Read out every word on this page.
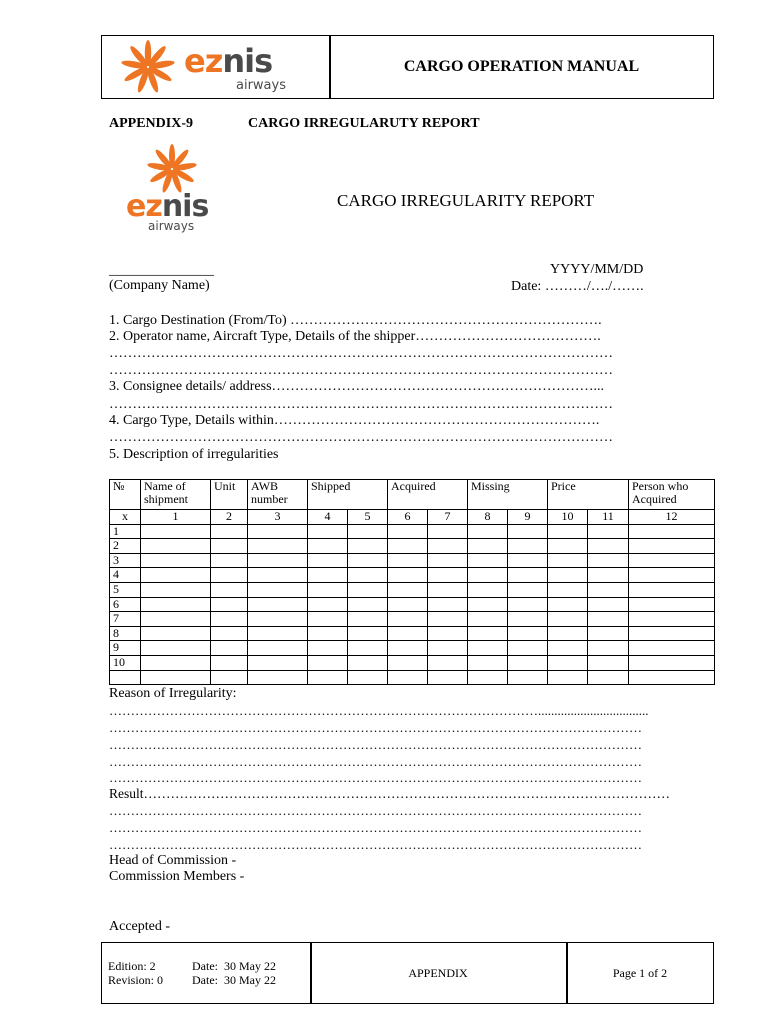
eznis
airways
CARGO OPERATION MANUAL
APPENDIX-9	CARGO IRREGULARUTY REPORT
eznis
airways
CARGO IRREGULARITY REPORT
_______________
(Company Name)
YYYY/MM/DD
Date: ………/…./…….
1. Cargo Destination (From/To) ………………………………………………………….
2. Operator name, Aircraft Type, Details of the shipper………………………………….
………………………………………………………………………………………………
………………………………………………………………………………………………
3. Consignee details/ address……………………………………………………………...
………………………………………………………………………………………………
4. Cargo Type, Details within…………………………………………………………….
………………………………………………………………………………………………
5. Description of irregularities
№	Name of shipment	Unit	AWB number	Shipped		Acquired		Missing		Price		Person who Acquired
x	1	2	3	4	5	6	7	8	9	10	11	12
1												
2												
3												
4												
5												
6												
7												
8												
9												
10												

Reason of Irregularity:
………………………………………………………………………………………..................................
……………………………………………………………………………………………………………
……………………………………………………………………………………………………………
……………………………………………………………………………………………………………
……………………………………………………………………………………………………………
Result………………………………………………………………………………………………………
……………………………………………………………………………………………………………
……………………………………………………………………………………………………………
……………………………………………………………………………………………………………
Head of Commission -
Commission Members -
Accepted -
Edition: 2	Date:  30 May 22
Revision: 0 Date:  30 May 22	APPENDIX	Page 1 of 2
